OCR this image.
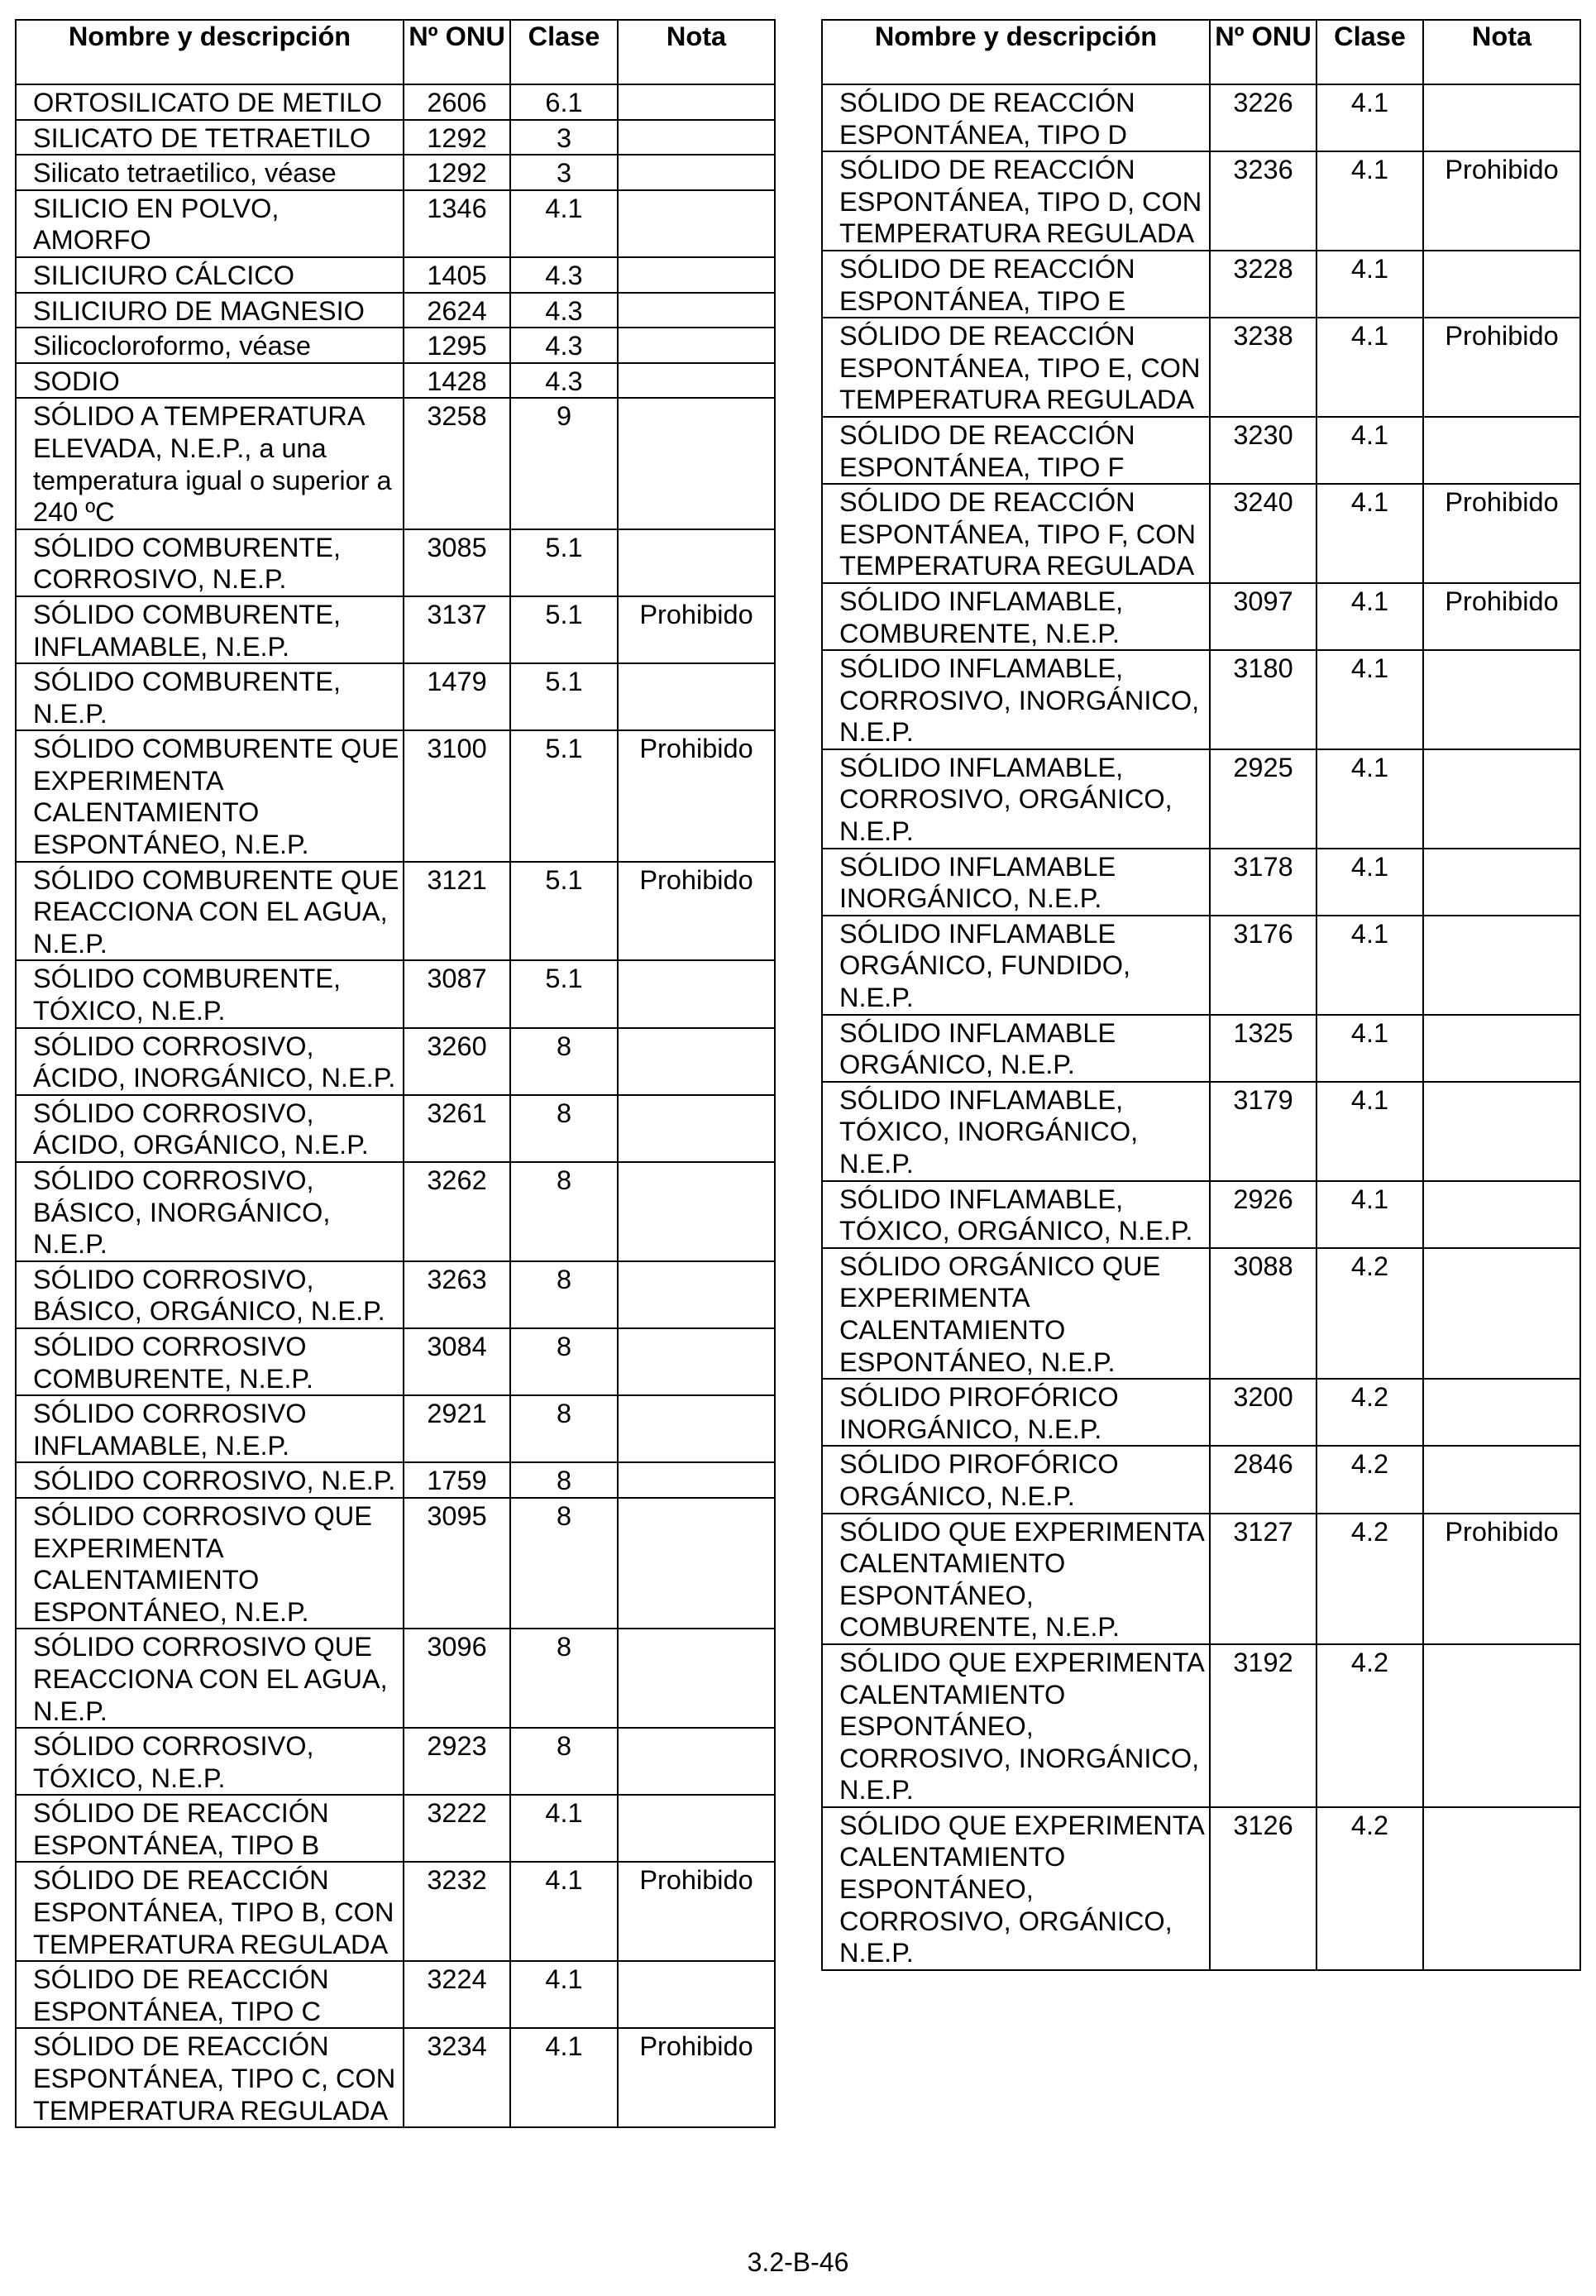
Nombre y descripción	Nº ONU	Clase	Nota
ORTOSILICATO DE METILO	2606	6.1	
SILICATO DE TETRAETILO	1292	3	
Silicato tetraetilico, véase	1292	3	
SILICIO EN POLVO, AMORFO	1346	4.1	
SILICIURO CÁLCICO	1405	4.3	
SILICIURO DE MAGNESIO	2624	4.3	
Silicocloroformo, véase	1295	4.3	
SODIO	1428	4.3	
SÓLIDO A TEMPERATURA ELEVADA, N.E.P., a una temperatura igual o superior a 240 ºC	3258	9	
SÓLIDO COMBURENTE, CORROSIVO, N.E.P.	3085	5.1	
SÓLIDO COMBURENTE, INFLAMABLE, N.E.P.	3137	5.1	Prohibido
SÓLIDO COMBURENTE, N.E.P.	1479	5.1	
SÓLIDO COMBURENTE QUE EXPERIMENTA CALENTAMIENTO ESPONTÁNEO, N.E.P.	3100	5.1	Prohibido
SÓLIDO COMBURENTE QUE REACCIONA CON EL AGUA, N.E.P.	3121	5.1	Prohibido
SÓLIDO COMBURENTE, TÓXICO, N.E.P.	3087	5.1	
SÓLIDO CORROSIVO, ÁCIDO, INORGÁNICO, N.E.P.	3260	8	
SÓLIDO CORROSIVO, ÁCIDO, ORGÁNICO, N.E.P.	3261	8	
SÓLIDO CORROSIVO, BÁSICO, INORGÁNICO, N.E.P.	3262	8	
SÓLIDO CORROSIVO, BÁSICO, ORGÁNICO, N.E.P.	3263	8	
SÓLIDO CORROSIVO COMBURENTE, N.E.P.	3084	8	
SÓLIDO CORROSIVO INFLAMABLE, N.E.P.	2921	8	
SÓLIDO CORROSIVO, N.E.P.	1759	8	
SÓLIDO CORROSIVO QUE EXPERIMENTA CALENTAMIENTO ESPONTÁNEO, N.E.P.	3095	8	
SÓLIDO CORROSIVO QUE REACCIONA CON EL AGUA, N.E.P.	3096	8	
SÓLIDO CORROSIVO, TÓXICO, N.E.P.	2923	8	
SÓLIDO DE REACCIÓN ESPONTÁNEA, TIPO B	3222	4.1	
SÓLIDO DE REACCIÓN ESPONTÁNEA, TIPO B, CON TEMPERATURA REGULADA	3232	4.1	Prohibido
SÓLIDO DE REACCIÓN ESPONTÁNEA, TIPO C	3224	4.1	
SÓLIDO DE REACCIÓN ESPONTÁNEA, TIPO C, CON TEMPERATURA REGULADA	3234	4.1	Prohibido
Nombre y descripción	Nº ONU	Clase	Nota
SÓLIDO DE REACCIÓN ESPONTÁNEA, TIPO D	3226	4.1	
SÓLIDO DE REACCIÓN ESPONTÁNEA, TIPO D, CON TEMPERATURA REGULADA	3236	4.1	Prohibido
SÓLIDO DE REACCIÓN ESPONTÁNEA, TIPO E	3228	4.1	
SÓLIDO DE REACCIÓN ESPONTÁNEA, TIPO E, CON TEMPERATURA REGULADA	3238	4.1	Prohibido
SÓLIDO DE REACCIÓN ESPONTÁNEA, TIPO F	3230	4.1	
SÓLIDO DE REACCIÓN ESPONTÁNEA, TIPO F, CON TEMPERATURA REGULADA	3240	4.1	Prohibido
SÓLIDO INFLAMABLE, COMBURENTE, N.E.P.	3097	4.1	Prohibido
SÓLIDO INFLAMABLE, CORROSIVO, INORGÁNICO, N.E.P.	3180	4.1	
SÓLIDO INFLAMABLE, CORROSIVO, ORGÁNICO, N.E.P.	2925	4.1	
SÓLIDO INFLAMABLE INORGÁNICO, N.E.P.	3178	4.1	
SÓLIDO INFLAMABLE ORGÁNICO, FUNDIDO, N.E.P.	3176	4.1	
SÓLIDO INFLAMABLE ORGÁNICO, N.E.P.	1325	4.1	
SÓLIDO INFLAMABLE, TÓXICO, INORGÁNICO, N.E.P.	3179	4.1	
SÓLIDO INFLAMABLE, TÓXICO, ORGÁNICO, N.E.P.	2926	4.1	
SÓLIDO ORGÁNICO QUE EXPERIMENTA CALENTAMIENTO ESPONTÁNEO, N.E.P.	3088	4.2	
SÓLIDO PIROFÓRICO INORGÁNICO, N.E.P.	3200	4.2	
SÓLIDO PIROFÓRICO ORGÁNICO, N.E.P.	2846	4.2	
SÓLIDO QUE EXPERIMENTA CALENTAMIENTO ESPONTÁNEO, COMBURENTE, N.E.P.	3127	4.2	Prohibido
SÓLIDO QUE EXPERIMENTA CALENTAMIENTO ESPONTÁNEO, CORROSIVO, INORGÁNICO, N.E.P.	3192	4.2	
SÓLIDO QUE EXPERIMENTA CALENTAMIENTO ESPONTÁNEO, CORROSIVO, ORGÁNICO, N.E.P.	3126	4.2	
3.2-B-46
